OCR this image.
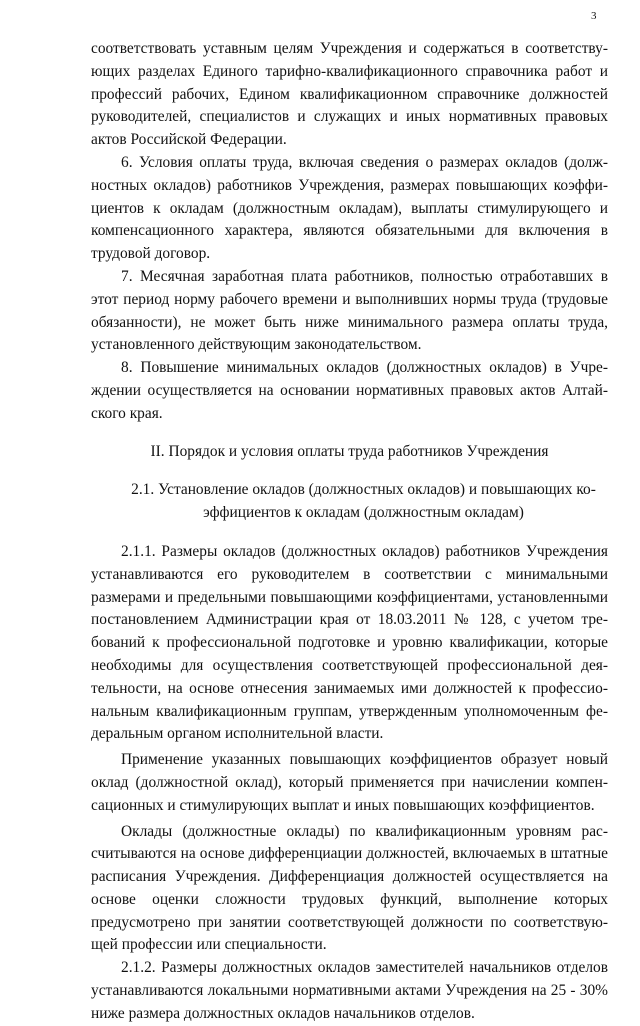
3

соответствовать уставным целям Учреждения и содержаться в соответствующих разделах Единого тарифно-квалификационного справочника работ и профессий рабочих, Едином квалификационном справочнике должностей руководителей, специалистов и служащих и иных нормативных правовых актов Российской Федерации.

6. Условия оплаты труда, включая сведения о размерах окладов (должностных окладов) работников Учреждения, размерах повышающих коэффициентов к окладам (должностным окладам), выплаты стимулирующего и компенсационного характера, являются обязательными для включения в трудовой договор.

7. Месячная заработная плата работников, полностью отработавших в этот период норму рабочего времени и выполнивших нормы труда (трудовые обязанности), не может быть ниже минимального размера оплаты труда, установленного действующим законодательством.

8. Повышение минимальных окладов (должностных окладов) в Учреждении осуществляется на основании нормативных правовых актов Алтайского края.

II. Порядок и условия оплаты труда работников Учреждения

2.1. Установление окладов (должностных окладов) и повышающих коэффициентов к окладам (должностным окладам)

2.1.1. Размеры окладов (должностных окладов) работников Учреждения устанавливаются его руководителем в соответствии с минимальными размерами и предельными повышающими коэффициентами, установленными постановлением Администрации края от 18.03.2011 № 128, с учетом требований к профессиональной подготовке и уровню квалификации, которые необходимы для осуществления соответствующей профессиональной деятельности, на основе отнесения занимаемых ими должностей к профессиональным квалификационным группам, утвержденным уполномоченным федеральным органом исполнительной власти.

Применение указанных повышающих коэффициентов образует новый оклад (должностной оклад), который применяется при начислении компенсационных и стимулирующих выплат и иных повышающих коэффициентов.

Оклады (должностные оклады) по квалификационным уровням рассчитываются на основе дифференциации должностей, включаемых в штатные расписания Учреждения. Дифференциация должностей осуществляется на основе оценки сложности трудовых функций, выполнение которых предусмотрено при занятии соответствующей должности по соответствующей профессии или специальности.

2.1.2. Размеры должностных окладов заместителей начальников отделов устанавливаются локальными нормативными актами Учреждения на 25 - 30% ниже размера должностных окладов начальников отделов.
